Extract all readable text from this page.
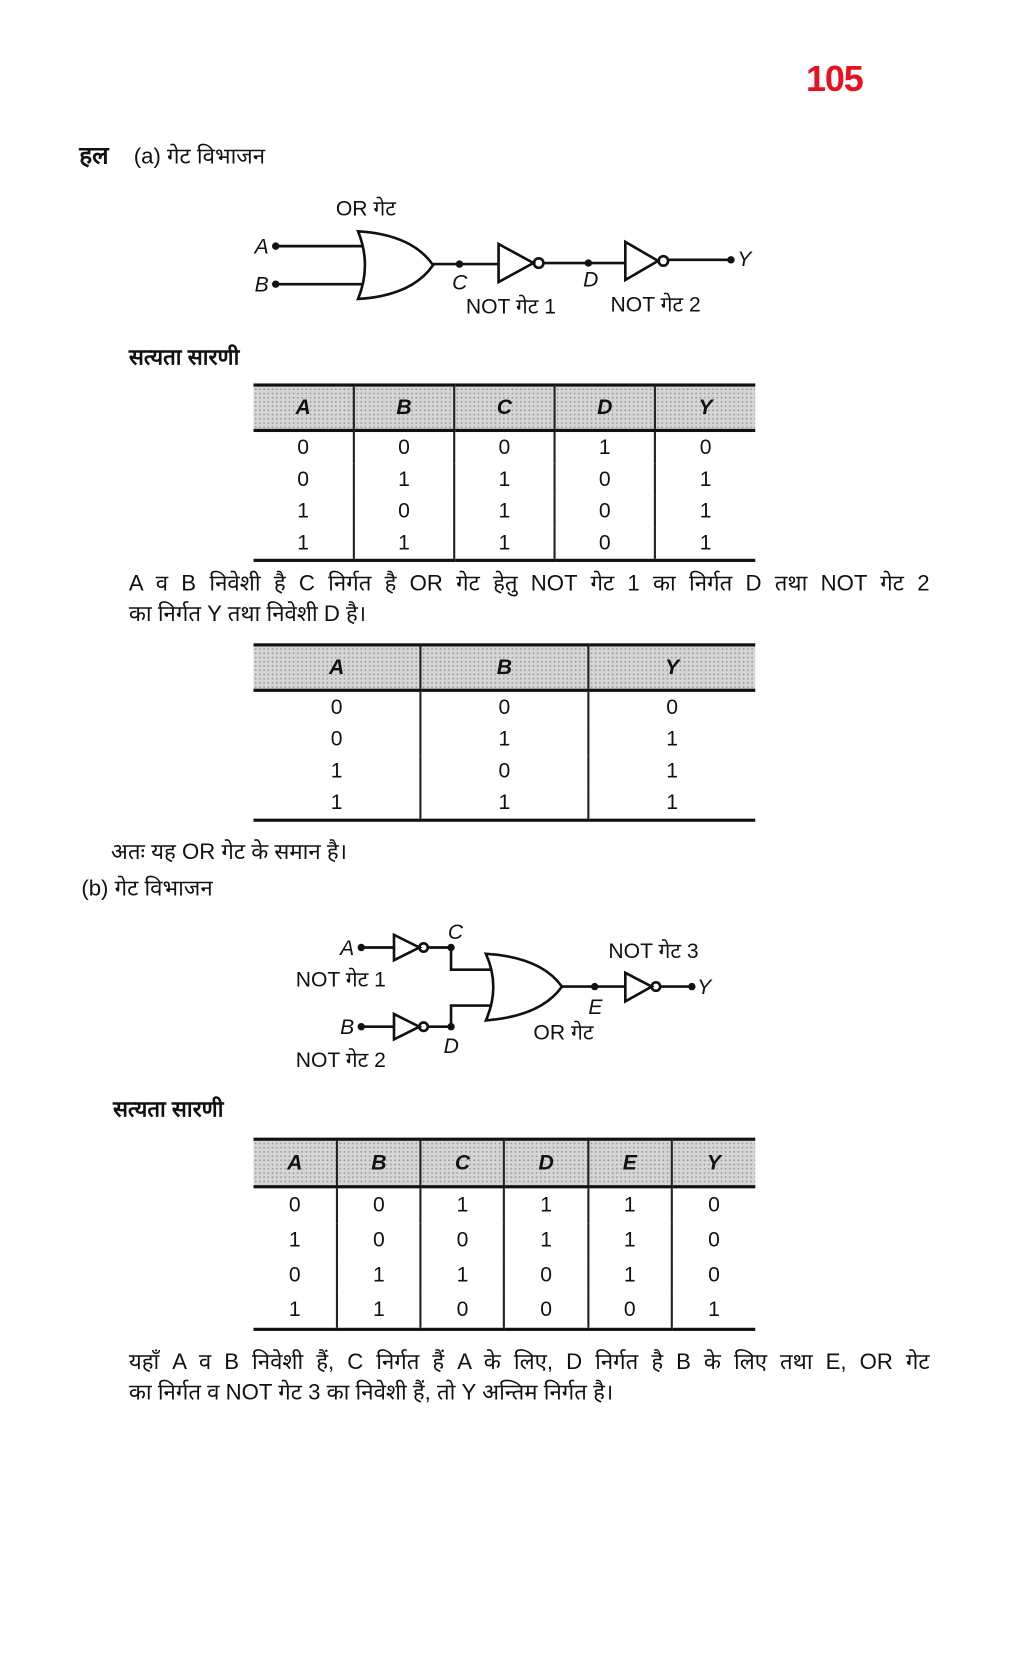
105
हल (a) गेट विभाजन
OR गेट
A
B	C	D
Y
NOT गेट 1	NOT गेट 2
सत्यता सारणी
A	B	C	D	Y
0	0	0	1	0
0	1	1	0	1
1	0	1	0	1
1	1	1	0	1
A व B निवेशी है C निर्गत है OR गेट हेतु NOT गेट 1 का निर्गत D तथा NOT गेट 2
का निर्गत Y तथा निवेशी D है।
A	B	Y
0	0	0
0	1	1
1	0	1
1	1	1
अतः यह OR गेट के समान है।
(b) गेट विभाजन
A
B
C
D
E
Y
NOT गेट 1
NOT गेट 2
NOT गेट 3
OR गेट
सत्यता सारणी
A	B	C	D	E	Y
0	0	1	1	1	0
1	0	0	1	1	0
0	1	1	0	1	0
1	1	0	0	0	1
यहाँ A व B निवेशी हैं, C निर्गत हैं A के लिए, D निर्गत है B के लिए तथा E, OR गेट
का निर्गत व NOT गेट 3 का निवेशी हैं, तो Y अन्तिम निर्गत है।
